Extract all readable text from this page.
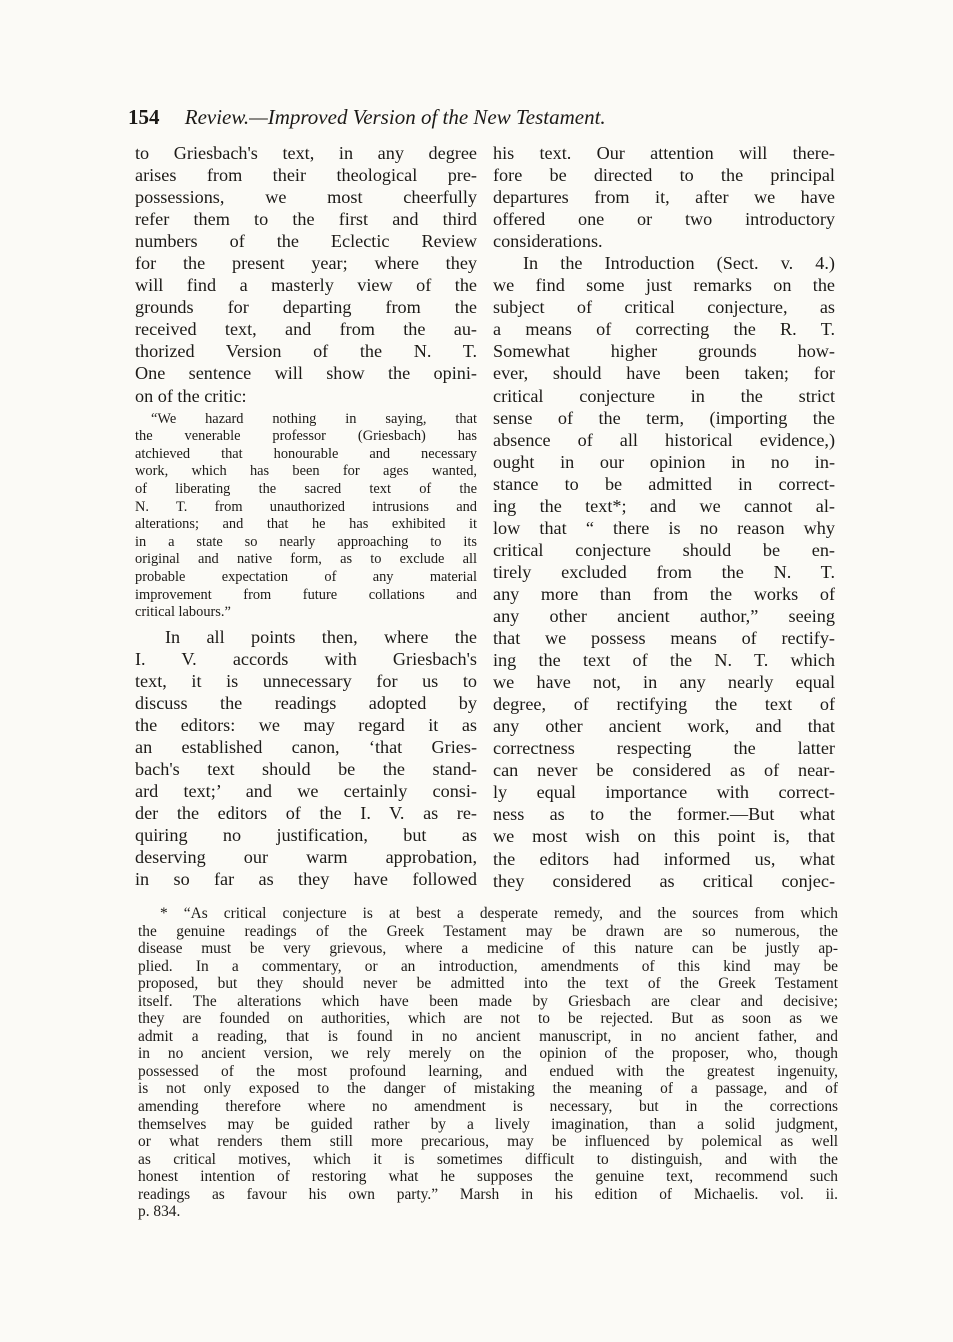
154 Review.—Improved Version of the New Testament.
to Griesbach's text, in any degree
arises from their theological pre-
possessions, we most cheerfully
refer them to the first and third
numbers of the Eclectic Review
for the present year; where they
will find a masterly view of the
grounds for departing from the
received text, and from the au-
thorized Version of the N. T.
One sentence will show the opini-
on of the critic:
“We hazard nothing in saying, that
the venerable professor (Griesbach) has
atchieved that honourable and necessary
work, which has been for ages wanted,
of liberating the sacred text of the
N. T. from unauthorized intrusions and
alterations; and that he has exhibited it
in a state so nearly approaching to its
original and native form, as to exclude all
probable expectation of any material
improvement from future collations and
critical labours.”
In all points then, where the
I. V. accords with Griesbach's
text, it is unnecessary for us to
discuss the readings adopted by
the editors: we may regard it as
an established canon, ‘that Gries-
bach's text should be the stand-
ard text;’ and we certainly consi-
der the editors of the I. V. as re-
quiring no justification, but as
deserving our warm approbation,
in so far as they have followed
his text. Our attention will there-
fore be directed to the principal
departures from it, after we have
offered one or two introductory
considerations.
In the Introduction (Sect. v. 4.)
we find some just remarks on the
subject of critical conjecture, as
a means of correcting the R. T.
Somewhat higher grounds how-
ever, should have been taken; for
critical conjecture in the strict
sense of the term, (importing the
absence of all historical evidence,)
ought in our opinion in no in-
stance to be admitted in correct-
ing the text*; and we cannot al-
low that “ there is no reason why
critical conjecture should be en-
tirely excluded from the N. T.
any more than from the works of
any other ancient author,” seeing
that we possess means of rectify-
ing the text of the N. T. which
we have not, in any nearly equal
degree, of rectifying the text of
any other ancient work, and that
correctness respecting the latter
can never be considered as of near-
ly equal importance with correct-
ness as to the former.—But what
we most wish on this point is, that
the editors had informed us, what
they considered as critical conjec-
* “As critical conjecture is at best a desperate remedy, and the sources from which
the genuine readings of the Greek Testament may be drawn are so numerous, the
disease must be very grievous, where a medicine of this nature can be justly ap-
plied. In a commentary, or an introduction, amendments of this kind may be
proposed, but they should never be admitted into the text of the Greek Testament
itself. The alterations which have been made by Griesbach are clear and decisive;
they are founded on authorities, which are not to be rejected. But as soon as we
admit a reading, that is found in no ancient manuscript, in no ancient father, and
in no ancient version, we rely merely on the opinion of the proposer, who, though
possessed of the most profound learning, and endued with the greatest ingenuity,
is not only exposed to the danger of mistaking the meaning of a passage, and of
amending therefore where no amendment is necessary, but in the corrections
themselves may be guided rather by a lively imagination, than a solid judgment,
or what renders them still more precarious, may be influenced by polemical as well
as critical motives, which it is sometimes difficult to distinguish, and with the
honest intention of restoring what he supposes the genuine text, recommend such
readings as favour his own party.” Marsh in his edition of Michaelis. vol. ii.
p. 834.
